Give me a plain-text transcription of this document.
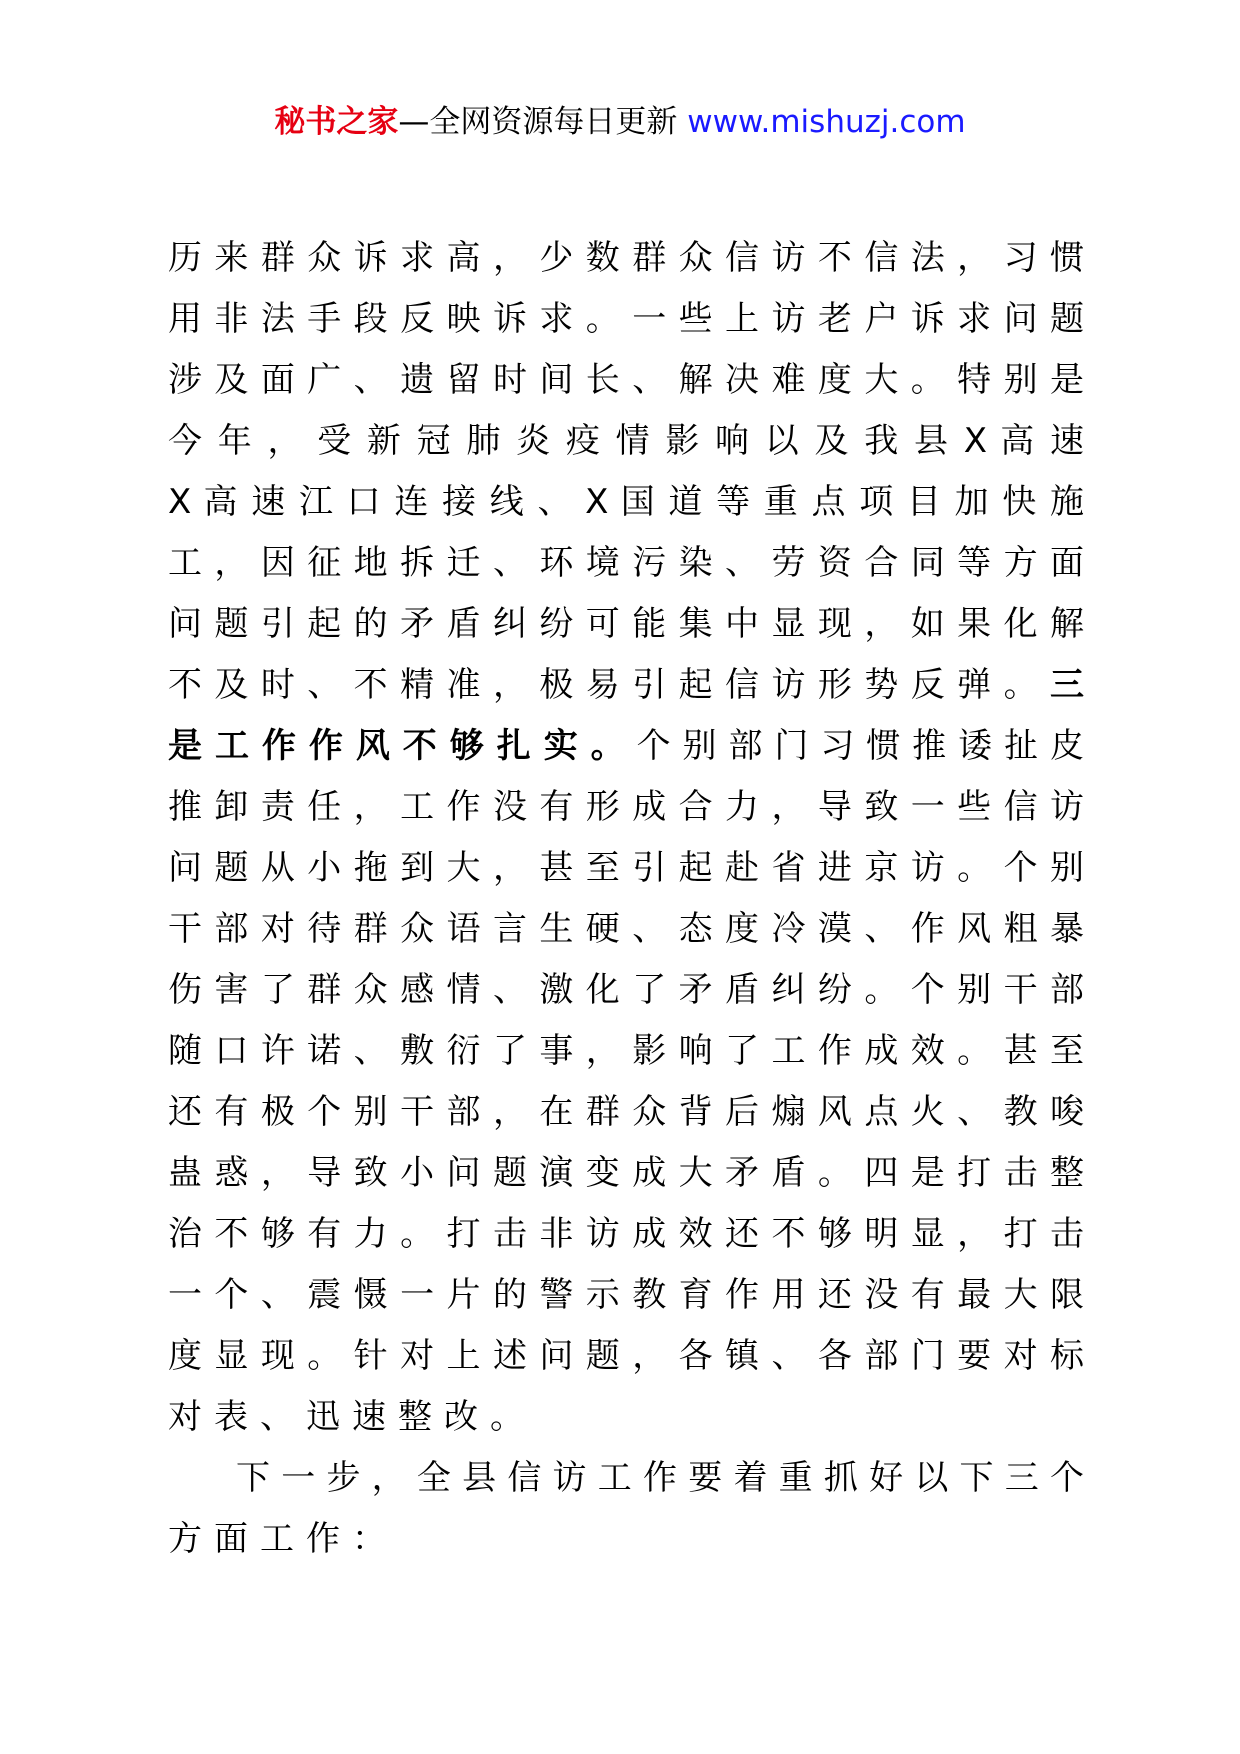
秘书之家—全网资源每日更新 www.mishuzj.com
历 来 群 众 诉 求 高 ， 少 数 群 众 信 访 不 信 法 ， 习 惯
用 非 法 手 段 反 映 诉 求 。 一 些 上 访 老 户 诉 求 问 题
涉 及 面 广 、 遗 留 时 间 长 、 解 决 难 度 大 。 特 别 是
今 年 ， 受 新 冠 肺 炎 疫 情 影 响 以 及 我 县 X 高 速
X 高 速 江 口 连 接 线 、 X 国 道 等 重 点 项 目 加 快 施
工 ， 因 征 地 拆 迁 、 环 境 污 染 、 劳 资 合 同 等 方 面
问 题 引 起 的 矛 盾 纠 纷 可 能 集 中 显 现 ， 如 果 化 解
不 及 时 、 不 精 准 ， 极 易 引 起 信 访 形 势 反 弹 。 三
是 工 作 作 风 不 够 扎 实 。 个 别 部 门 习 惯 推 诿 扯 皮
推 卸 责 任 ， 工 作 没 有 形 成 合 力 ， 导 致 一 些 信 访
问 题 从 小 拖 到 大 ， 甚 至 引 起 赴 省 进 京 访 。 个 别
干 部 对 待 群 众 语 言 生 硬 、 态 度 冷 漠 、 作 风 粗 暴
伤 害 了 群 众 感 情 、 激 化 了 矛 盾 纠 纷 。 个 别 干 部
随 口 许 诺 、 敷 衍 了 事 ， 影 响 了 工 作 成 效 。 甚 至
还 有 极 个 别 干 部 ， 在 群 众 背 后 煽 风 点 火 、 教 唆
蛊 惑 ， 导 致 小 问 题 演 变 成 大 矛 盾 。 四 是 打 击 整
治 不 够 有 力 。 打 击 非 访 成 效 还 不 够 明 显 ， 打 击
一 个 、 震 慑 一 片 的 警 示 教 育 作 用 还 没 有 最 大 限
度 显 现 。 针 对 上 述 问 题 ， 各 镇 、 各 部 门 要 对 标
对表、迅速整改。
下 一 步 ， 全 县 信 访 工 作 要 着 重 抓 好 以 下 三 个
方面工作：
